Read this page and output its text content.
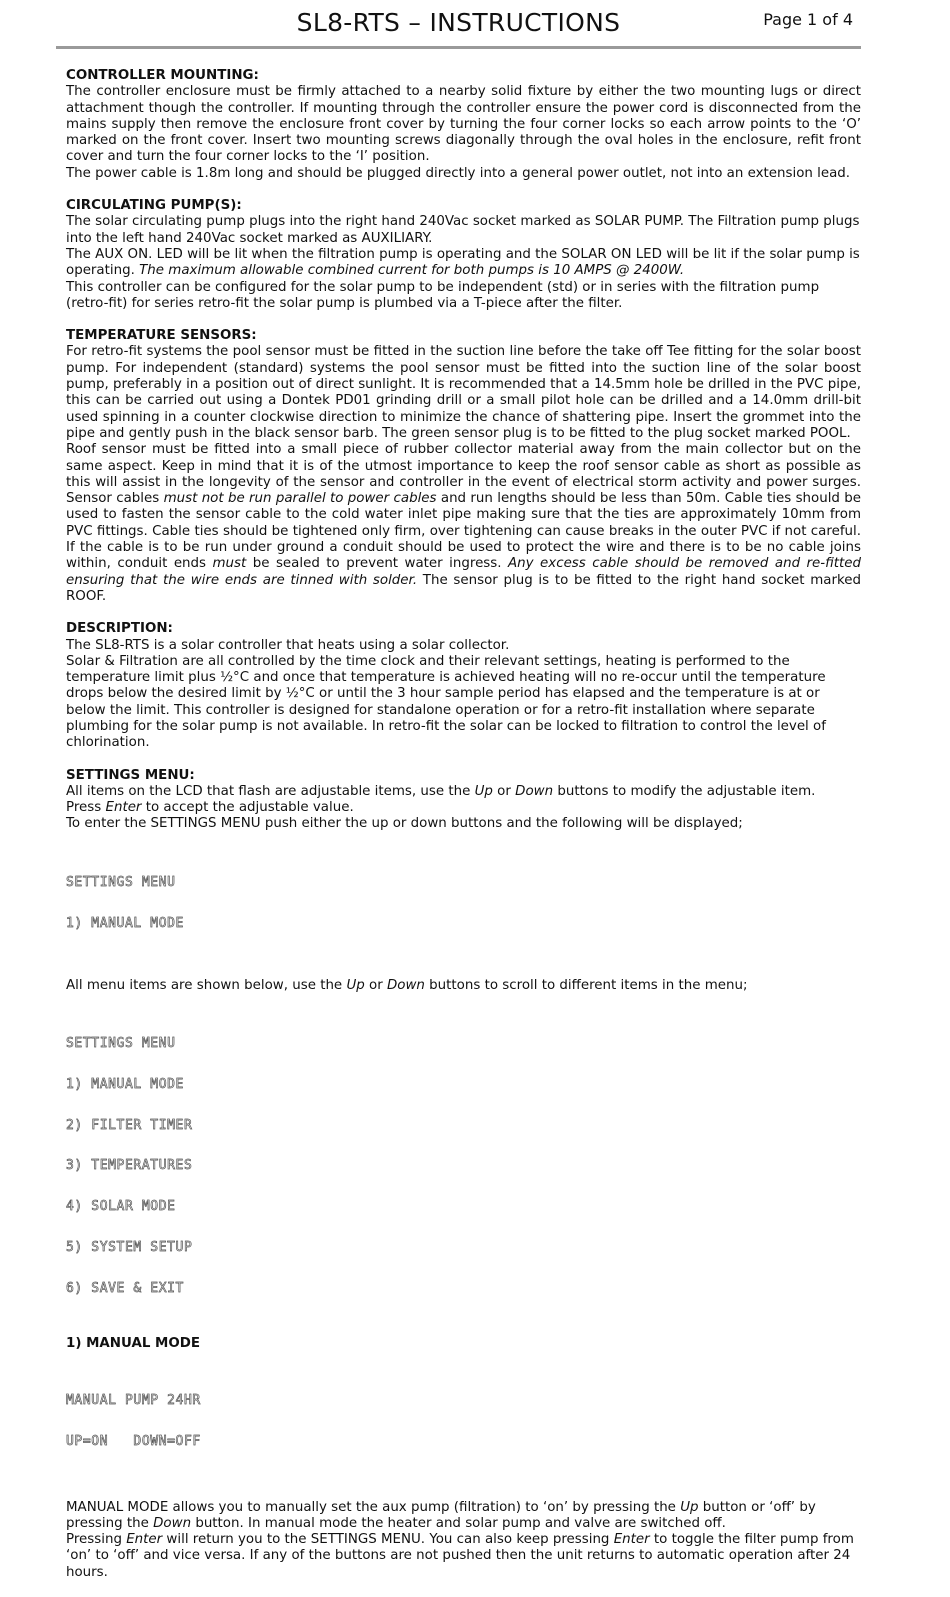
SL8-RTS – INSTRUCTIONS	Page 1 of 4
CONTROLLER MOUNTING:

The controller enclosure must be firmly attached to a nearby solid fixture by either the two mounting lugs or direct attachment though the controller. If mounting through the controller ensure the power cord is disconnected from the mains supply then remove the enclosure front cover by turning the four corner locks so each arrow points to the ‘O’ marked on the front cover. Insert two mounting screws diagonally through the oval holes in the enclosure, refit front cover and turn the four corner locks to the ‘I’ position.

The power cable is 1.8m long and should be plugged directly into a general power outlet, not into an extension lead.

CIRCULATING PUMP(S):

The solar circulating pump plugs into the right hand 240Vac socket marked as SOLAR PUMP. The Filtration pump plugs into the left hand 240Vac socket marked as AUXILIARY.

The AUX ON. LED will be lit when the filtration pump is operating and the SOLAR ON LED will be lit if the solar pump is operating. The maximum allowable combined current for both pumps is 10 AMPS @ 2400W.

This controller can be configured for the solar pump to be independent (std) or in series with the filtration pump (retro-fit) for series retro-fit the solar pump is plumbed via a T-piece after the filter.

TEMPERATURE SENSORS:

For retro-fit systems the pool sensor must be fitted in the suction line before the take off Tee fitting for the solar boost pump. For independent (standard) systems the pool sensor must be fitted into the suction line of the solar boost pump, preferably in a position out of direct sunlight. It is recommended that a 14.5mm hole be drilled in the PVC pipe, this can be carried out using a Dontek PD01 grinding drill or a small pilot hole can be drilled and a 14.0mm drill-bit used spinning in a counter clockwise direction to minimize the chance of shattering pipe. Insert the grommet into the pipe and gently push in the black sensor barb. The green sensor plug is to be fitted to the plug socket marked POOL.

Roof sensor must be fitted into a small piece of rubber collector material away from the main collector but on the same aspect. Keep in mind that it is of the utmost importance to keep the roof sensor cable as short as possible as this will assist in the longevity of the sensor and controller in the event of electrical storm activity and power surges. Sensor cables must not be run parallel to power cables and run lengths should be less than 50m. Cable ties should be used to fasten the sensor cable to the cold water inlet pipe making sure that the ties are approximately 10mm from PVC fittings. Cable ties should be tightened only firm, over tightening can cause breaks in the outer PVC if not careful. If the cable is to be run under ground a conduit should be used to protect the wire and there is to be no cable joins within, conduit ends must be sealed to prevent water ingress. Any excess cable should be removed and re-fitted ensuring that the wire ends are tinned with solder. The sensor plug is to be fitted to the right hand socket marked ROOF.

DESCRIPTION:

The SL8-RTS is a solar controller that heats using a solar collector.

Solar & Filtration are all controlled by the time clock and their relevant settings, heating is performed to the temperature limit plus ½°C and once that temperature is achieved heating will no re-occur until the temperature drops below the desired limit by ½°C or until the 3 hour sample period has elapsed and the temperature is at or below the limit. This controller is designed for standalone operation or for a retro-fit installation where separate plumbing for the solar pump is not available. In retro-fit the solar can be locked to filtration to control the level of chlorination.

SETTINGS MENU:

All items on the LCD that flash are adjustable items, use the Up or Down buttons to modify the adjustable item.

Press Enter to accept the adjustable value.

To enter the SETTINGS MENU push either the up or down buttons and the following will be displayed;

SETTINGS MENU

1) MANUAL MODE

All menu items are shown below, use the Up or Down buttons to scroll to different items in the menu;

SETTINGS MENU

1) MANUAL MODE

2) FILTER TIMER

3) TEMPERATURES

4) SOLAR MODE

5) SYSTEM SETUP

6) SAVE & EXIT

1) MANUAL MODE

MANUAL PUMP 24HR

UP=ON   DOWN=OFF

MANUAL MODE allows you to manually set the aux pump (filtration) to ‘on’ by pressing the Up button or ‘off’ by pressing the Down button. In manual mode the heater and solar pump and valve are switched off.

Pressing Enter will return you to the SETTINGS MENU. You can also keep pressing Enter to toggle the filter pump from ‘on’ to ‘off’ and vice versa. If any of the buttons are not pushed then the unit returns to automatic operation after 24 hours.
